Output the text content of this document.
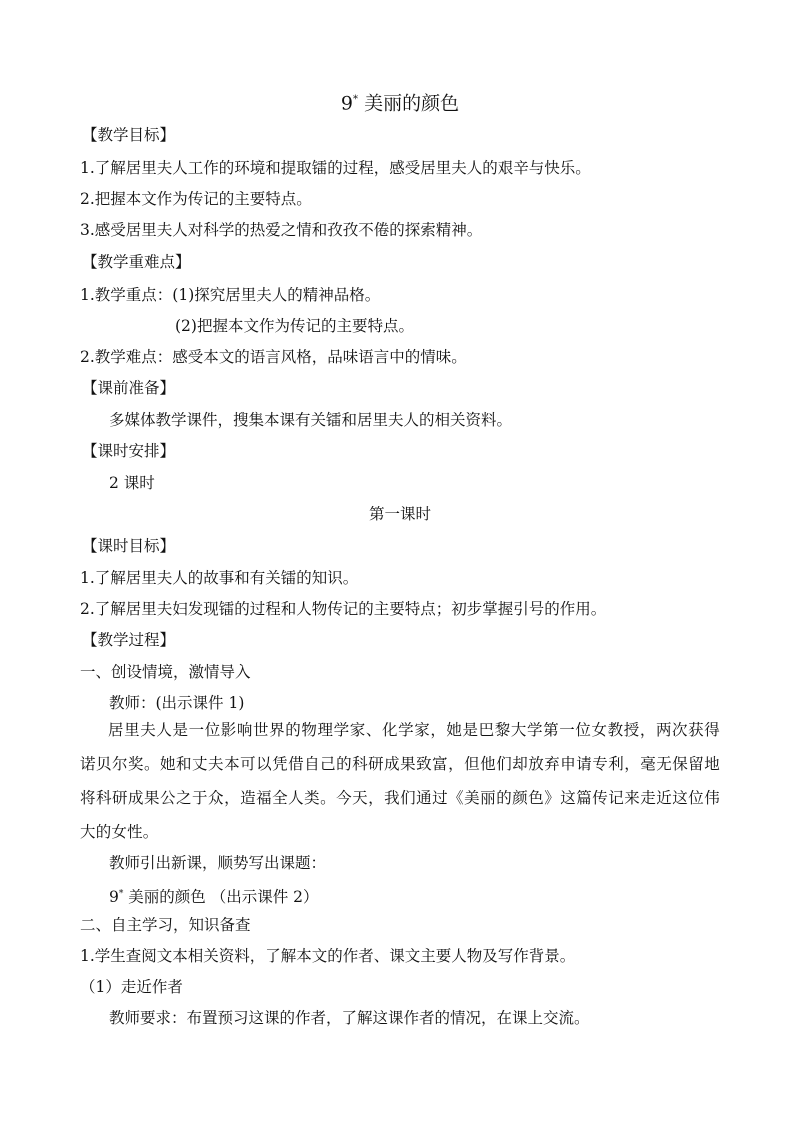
9* 美丽的颜色
【教学目标】
1.了解居里夫人工作的环境和提取镭的过程，感受居里夫人的艰辛与快乐。
2.把握本文作为传记的主要特点。
3.感受居里夫人对科学的热爱之情和孜孜不倦的探索精神。
【教学重难点】
1.教学重点：(1)探究居里夫人的精神品格。
(2)把握本文作为传记的主要特点。
2.教学难点：感受本文的语言风格，品味语言中的情味。
【课前准备】
多媒体教学课件，搜集本课有关镭和居里夫人的相关资料。
【课时安排】
2 课时
第一课时
【课时目标】
1.了解居里夫人的故事和有关镭的知识。
2.了解居里夫妇发现镭的过程和人物传记的主要特点；初步掌握引号的作用。
【教学过程】
一、创设情境，激情导入
教师：(出示课件 1)
居里夫人是一位影响世界的物理学家、化学家，她是巴黎大学第一位女教授，两次获得诺贝尔奖。她和丈夫本可以凭借自己的科研成果致富，但他们却放弃申请专利，毫无保留地将科研成果公之于众，造福全人类。今天，我们通过《美丽的颜色》这篇传记来走近这位伟大的女性。
教师引出新课，顺势写出课题：
9* 美丽的颜色 （出示课件 2）
二、自主学习，知识备查
1.学生查阅文本相关资料，了解本文的作者、课文主要人物及写作背景。
（1）走近作者
教师要求：布置预习这课的作者，了解这课作者的情况，在课上交流。
